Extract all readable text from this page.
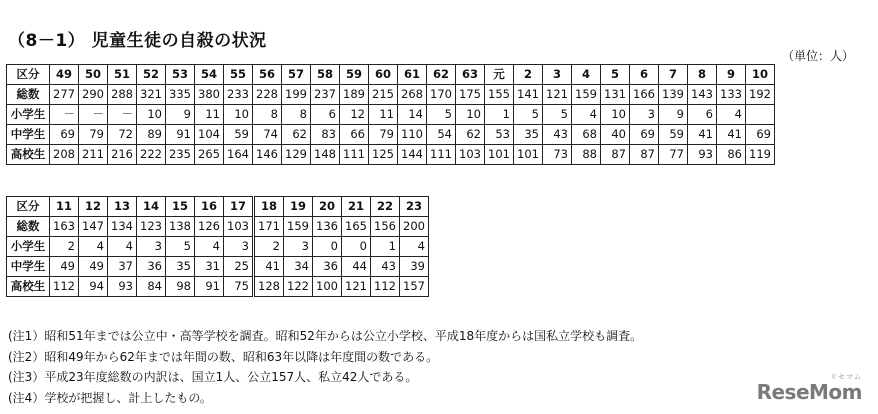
（8－1） 児童生徒の自殺の状況
（単位：人）
区分	49	50	51	52	53	54	55	56	57	58	59	60	61	62	63	元	2	3	4	5	6	7	8	9	10
総数	277	290	288	321	335	380	233	228	199	237	189	215	268	170	175	155	141	121	159	131	166	139	143	133	192
小学生	－	－	－	10	9	11	10	8	8	6	12	11	14	5	10	1	5	5	4	10	3	9	6	4	
中学生	69	79	72	89	91	104	59	74	62	83	66	79	110	54	62	53	35	43	68	40	69	59	41	41	69
高校生	208	211	216	222	235	265	164	146	129	148	111	125	144	111	103	101	101	73	88	87	87	77	93	86	119
区分	11	12	13	14	15	16	17	18	19	20	21	22	23
総数	163	147	134	123	138	126	103	171	159	136	165	156	200
小学生	2	4	4	3	5	4	3	2	3	0	0	1	4
中学生	49	49	37	36	35	31	25	41	34	36	44	43	39
高校生	112	94	93	84	98	91	75	128	122	100	121	112	157
(注1）昭和51年までは公立中・高等学校を調査。昭和52年からは公立小学校、平成18年度からは国私立学校も調査。
(注2）昭和49年から62年までは年間の数、昭和63年以降は年度間の数である。
(注3）平成23年度総数の内訳は、国立1人、公立157人、私立42人である。
(注4）学校が把握し、計上したもの。
リセマム
ReseMom
